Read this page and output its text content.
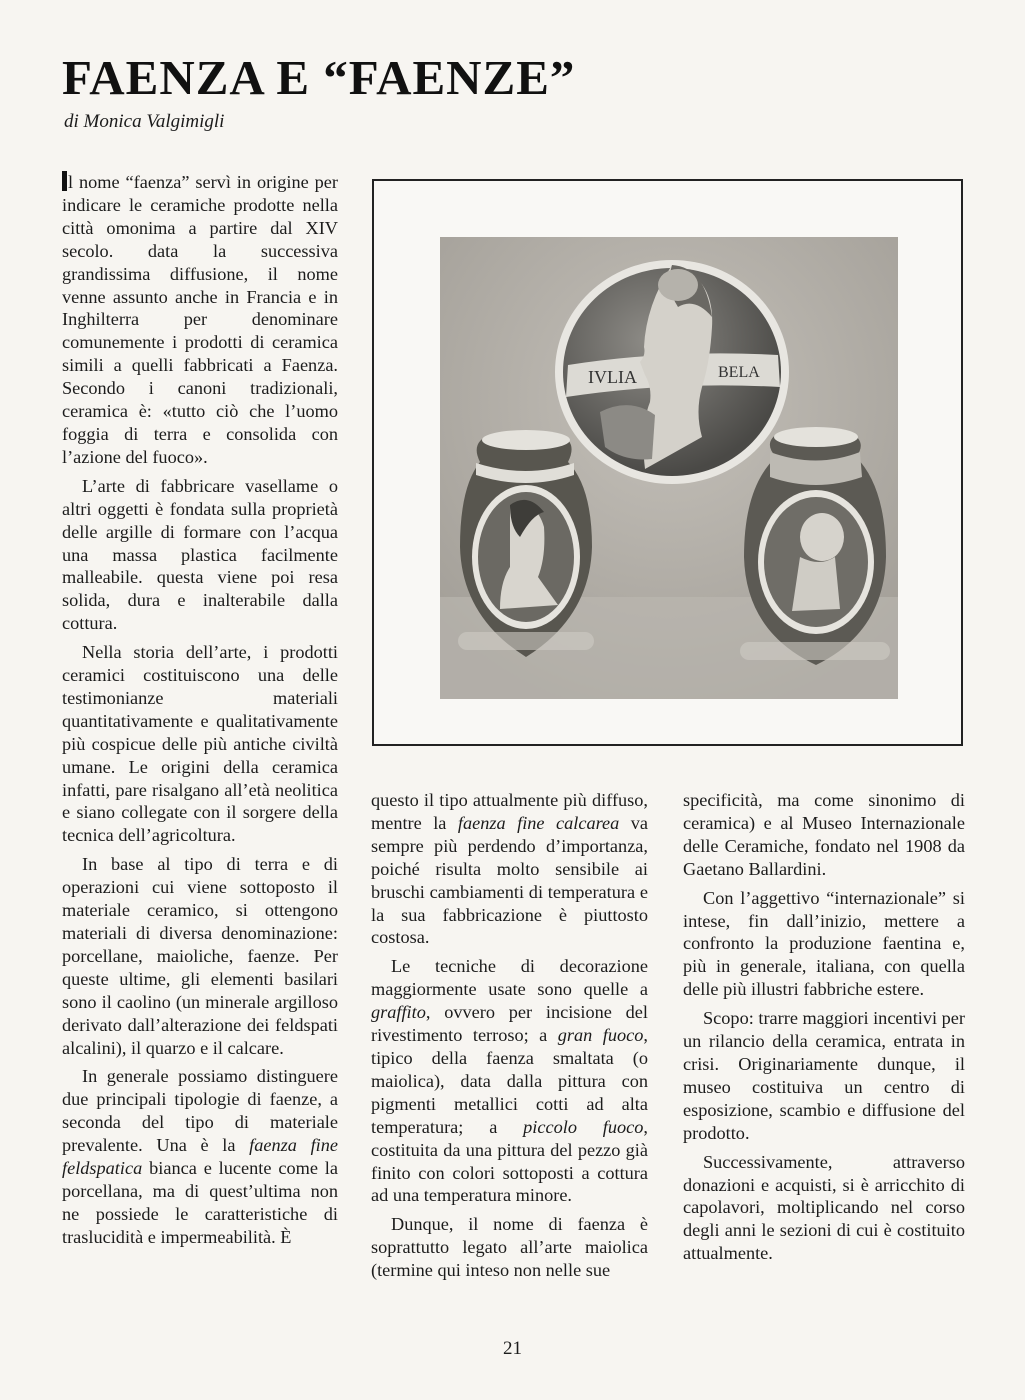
FAENZA E “FAENZE”
di Monica Valgimigli

l nome “faenza” servì in origine per indicare le ceramiche prodotte nella città omonima a partire dal XIV secolo. data la successiva grandissima diffusione, il nome venne assunto anche in Francia e in Inghilterra per denominare comunemente i prodotti di ceramica simili a quelli fabbricati a Faenza. Secondo i canoni tradizionali, ceramica è: «tutto ciò che l’uomo foggia di terra e consolida con l’azione del fuoco».

L’arte di fabbricare vasellame o altri oggetti è fondata sulla proprietà delle argille di formare con l’acqua una massa plastica facilmente malleabile. questa viene poi resa solida, dura e inalterabile dalla cottura.

Nella storia dell’arte, i prodotti ceramici costituiscono una delle testimonianze materiali quantitativamente e qualitativamente più cospicue delle più antiche civiltà umane. Le origini della ceramica infatti, pare risalgano all’età neolitica e siano collegate con il sorgere della tecnica dell’agricoltura.

In base al tipo di terra e di operazioni cui viene sottoposto il materiale ceramico, si ottengono materiali di diversa denominazione: porcellane, maioliche, faenze. Per queste ultime, gli elementi basilari sono il caolino (un minerale argilloso derivato dall’alterazione dei feldspati alcalini), il quarzo e il calcare.

In generale possiamo distinguere due principali tipologie di faenze, a seconda del tipo di materiale prevalente. Una è la faenza fine feldspatica bianca e lucente come la porcellana, ma di quest’ultima non ne possiede le caratteristiche di traslucidità e impermeabilità. È

IVLIA	BELA

questo il tipo attualmente più diffuso, mentre la faenza fine calcarea va sempre più perdendo d’importanza, poiché risulta molto sensibile ai bruschi cambiamenti di temperatura e la sua fabbricazione è piuttosto costosa.

Le tecniche di decorazione maggiormente usate sono quelle a graffito, ovvero per incisione del rivestimento terroso; a gran fuoco, tipico della faenza smaltata (o maiolica), data dalla pittura con pigmenti metallici cotti ad alta temperatura; a piccolo fuoco, costituita da una pittura del pezzo già finito con colori sottoposti a cottura ad una temperatura minore.

Dunque, il nome di faenza è soprattutto legato all’arte maiolica (termine qui inteso non nelle sue

specificità, ma come sinonimo di ceramica) e al Museo Internazionale delle Ceramiche, fondato nel 1908 da Gaetano Ballardini.

Con l’aggettivo “internazionale” si intese, fin dall’inizio, mettere a confronto la produzione faentina e, più in generale, italiana, con quella delle più illustri fabbriche estere.

Scopo: trarre maggiori incentivi per un rilancio della ceramica, entrata in crisi. Originariamente dunque, il museo costituiva un centro di esposizione, scambio e diffusione del prodotto.

Successivamente, attraverso donazioni e acquisti, si è arricchito di capolavori, moltiplicando nel corso degli anni le sezioni di cui è costituito attualmente.

21
